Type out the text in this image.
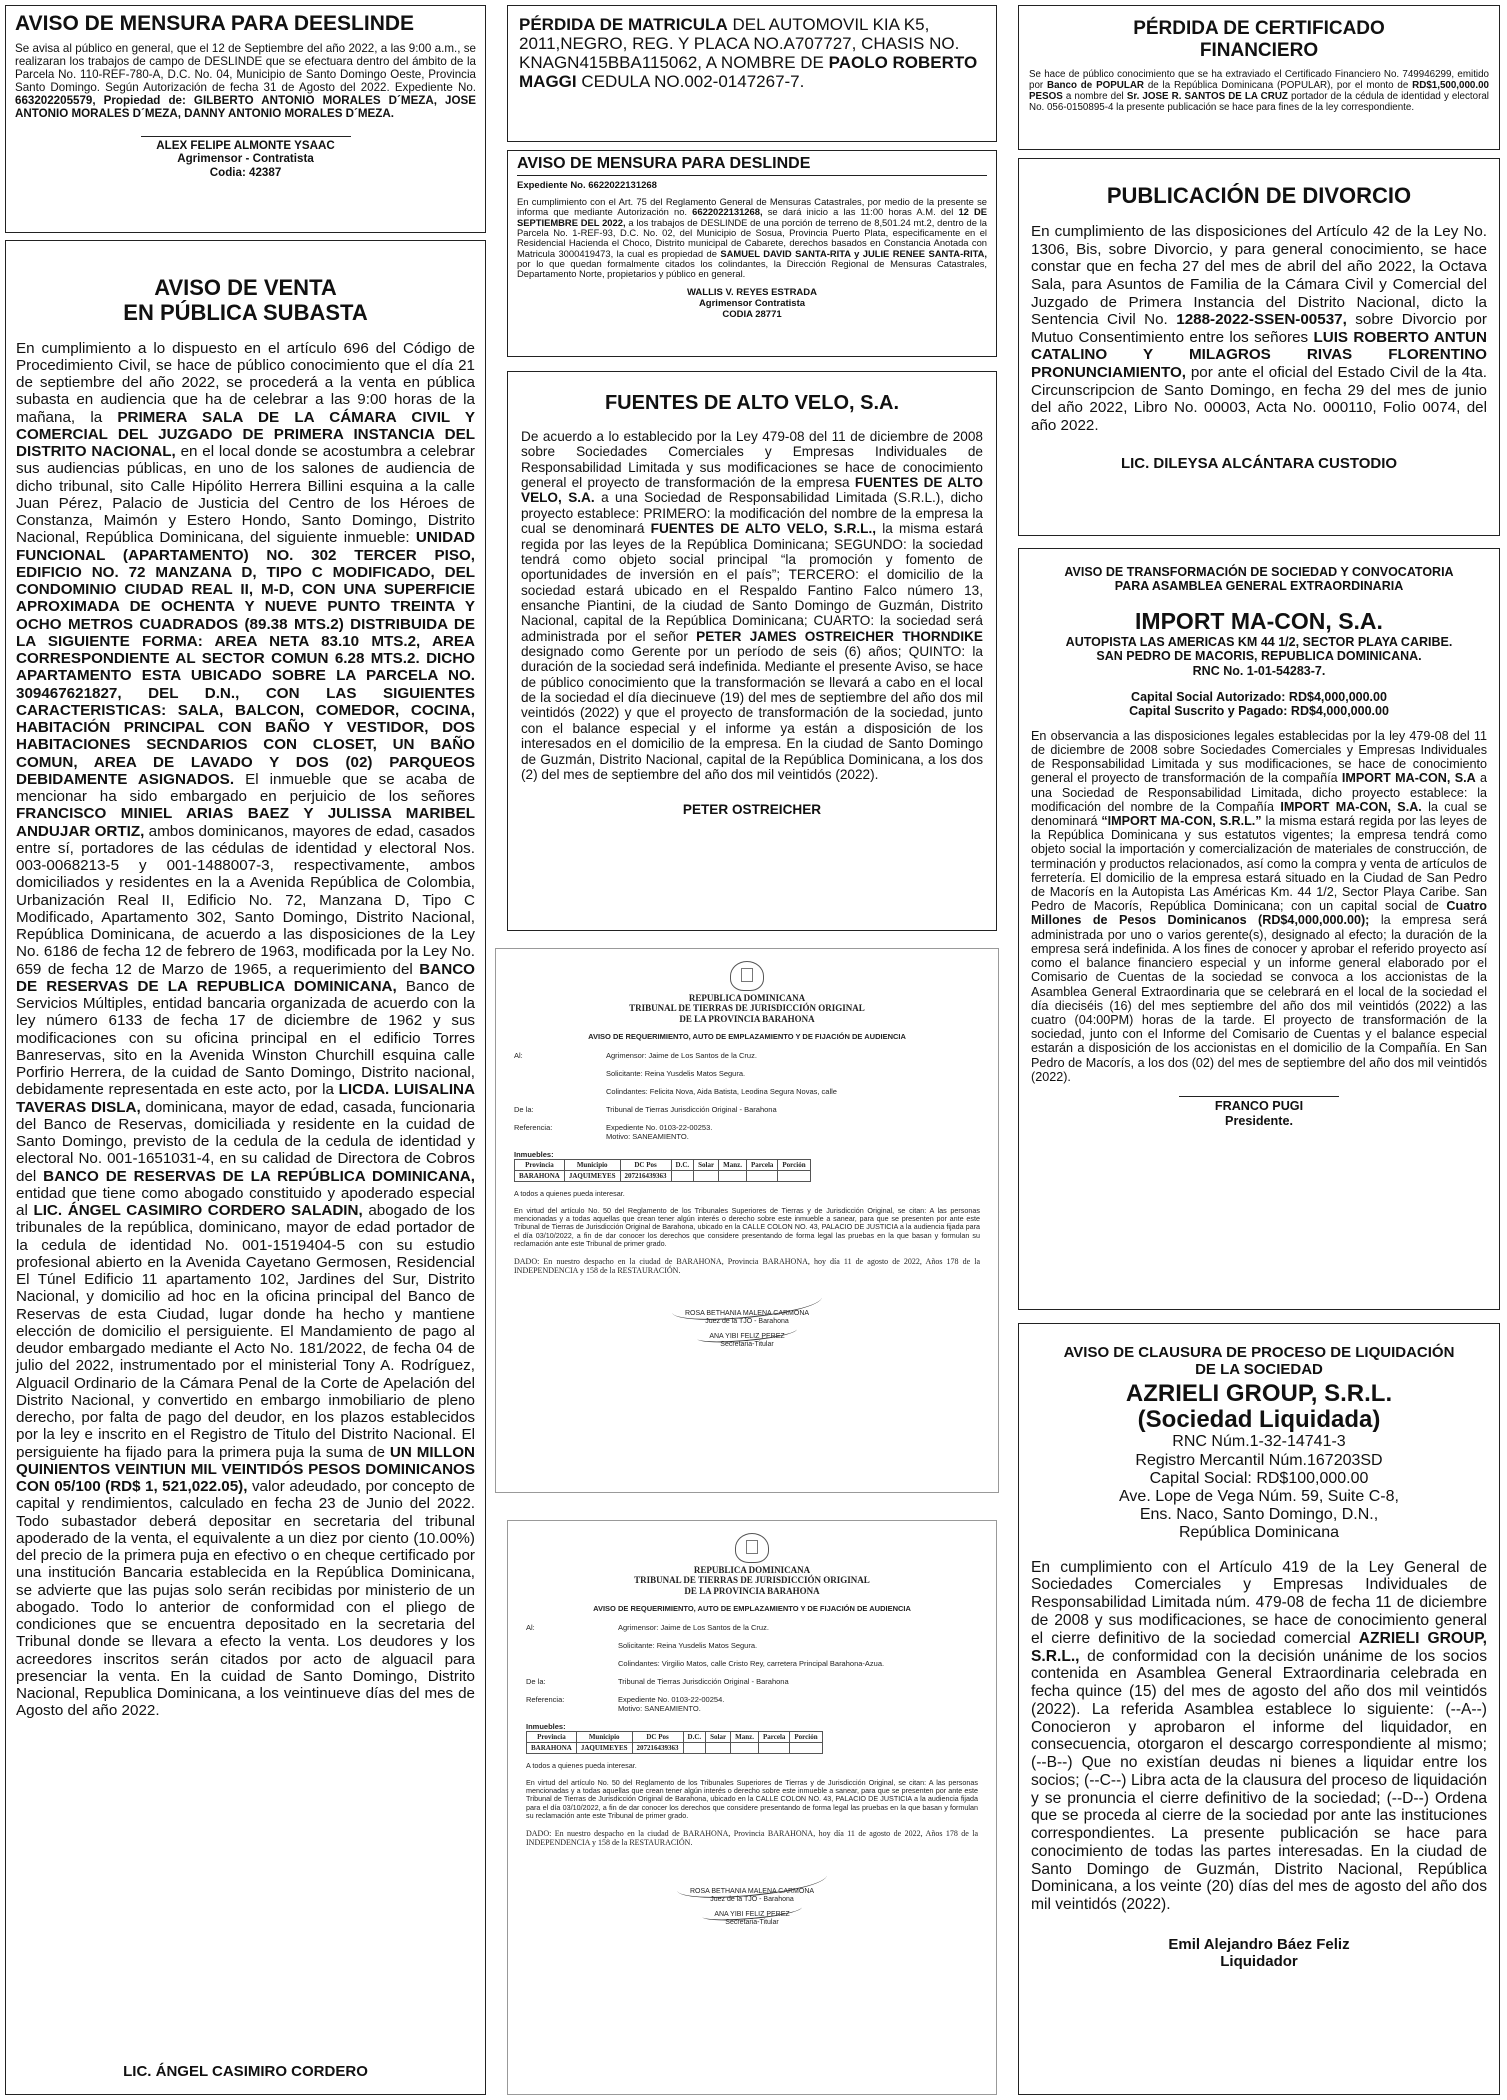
AVISO DE MENSURA PARA DEESLINDE
Se avisa al público en general, que el 12 de Septiembre del año 2022, a las 9:00 a.m., se realizaran los trabajos de campo de DESLINDE que se efectuara dentro del ámbito de la Parcela No. 110-REF-780-A, D.C. No. 04, Municipio de Santo Domingo Oeste, Provincia Santo Domingo. Según Autorización de fecha 31 de Agosto del 2022. Expediente No. 663202205579, Propiedad de: GILBERTO ANTONIO MORALES D´MEZA, JOSE ANTONIO MORALES D´MEZA, DANNY ANTONIO MORALES D´MEZA.
ALEX FELIPE ALMONTE YSAAC
Agrimensor - Contratista
Codia: 42387
AVISO DE VENTA
EN PÚBLICA SUBASTA
En cumplimiento a lo dispuesto en el artículo 696 del Código de Procedimiento Civil, se hace de público conocimiento que el día 21 de septiembre del año 2022, se procederá a la venta en pública subasta en audiencia que ha de celebrar a las 9:00 horas de la mañana, la PRIMERA SALA DE LA CÁMARA CIVIL Y COMERCIAL DEL JUZGADO DE PRIMERA INSTANCIA DEL DISTRITO NACIONAL, en el local donde se acostumbra a celebrar sus audiencias públicas, en uno de los salones de audiencia de dicho tribunal, sito Calle Hipólito Herrera Billini esquina a la calle Juan Pérez, Palacio de Justicia del Centro de los Héroes de Constanza, Maimón y Estero Hondo, Santo Domingo, Distrito Nacional, República Dominicana, del siguiente inmueble: UNIDAD FUNCIONAL (APARTAMENTO) NO. 302 TERCER PISO, EDIFICIO NO. 72 MANZANA D, TIPO C MODIFICADO, DEL CONDOMINIO CIUDAD REAL II, M-D, CON UNA SUPERFICIE APROXIMADA DE OCHENTA Y NUEVE PUNTO TREINTA Y OCHO METROS CUADRADOS (89.38 MTS.2) DISTRIBUIDA DE LA SIGUIENTE FORMA: AREA NETA 83.10 MTS.2, AREA CORRESPONDIENTE AL SECTOR COMUN 6.28 MTS.2. DICHO APARTAMENTO ESTA UBICADO SOBRE LA PARCELA NO. 309467621827, DEL D.N., CON LAS SIGUIENTES CARACTERISTICAS: SALA, BALCON, COMEDOR, COCINA, HABITACIÓN PRINCIPAL CON BAÑO Y VESTIDOR, DOS HABITACIONES SECNDARIOS CON CLOSET, UN BAÑO COMUN, AREA DE LAVADO Y DOS (02) PARQUEOS DEBIDAMENTE ASIGNADOS. El inmueble que se acaba de mencionar ha sido embargado en perjuicio de los señores FRANCISCO MINIEL ARIAS BAEZ Y JULISSA MARIBEL ANDUJAR ORTIZ, ambos dominicanos, mayores de edad, casados entre sí, portadores de las cédulas de identidad y electoral Nos. 003-0068213-5 y 001-1488007-3, respectivamente, ambos domiciliados y residentes en la a Avenida República de Colombia, Urbanización Real II, Edificio No. 72, Manzana D, Tipo C Modificado, Apartamento 302, Santo Domingo, Distrito Nacional, República Dominicana, de acuerdo a las disposiciones de la Ley No. 6186 de fecha 12 de febrero de 1963, modificada por la Ley No. 659 de fecha 12 de Marzo de 1965, a requerimiento del BANCO DE RESERVAS DE LA REPUBLICA DOMINICANA, Banco de Servicios Múltiples, entidad bancaria organizada de acuerdo con la ley número 6133 de fecha 17 de diciembre de 1962 y sus modificaciones con su oficina principal en el edificio Torres Banreservas, sito en la Avenida Winston Churchill esquina calle Porfirio Herrera, de la cuidad de Santo Domingo, Distrito nacional, debidamente representada en este acto, por la LICDA. LUISALINA TAVERAS DISLA, dominicana, mayor de edad, casada, funcionaria del Banco de Reservas, domiciliada y residente en la cuidad de Santo Domingo, previsto de la cedula de la cedula de identidad y electoral No. 001-1651031-4, en su calidad de Directora de Cobros del BANCO DE RESERVAS DE LA REPÚBLICA DOMINICANA, entidad que tiene como abogado constituido y apoderado especial al LIC. ÁNGEL CASIMIRO CORDERO SALADIN, abogado de los tribunales de la república, dominicano, mayor de edad portador de la cedula de identidad No. 001-1519404-5 con su estudio profesional abierto en la Avenida Cayetano Germosen, Residencial El Túnel Edificio 11 apartamento 102, Jardines del Sur, Distrito Nacional, y domicilio ad hoc en la oficina principal del Banco de Reservas de esta Ciudad, lugar donde ha hecho y mantiene elección de domicilio el persiguiente. El Mandamiento de pago al deudor embargado mediante el Acto No. 181/2022, de fecha 04 de julio del 2022, instrumentado por el ministerial Tony A. Rodríguez, Alguacil Ordinario de la Cámara Penal de la Corte de Apelación del Distrito Nacional, y convertido en embargo inmobiliario de pleno derecho, por falta de pago del deudor, en los plazos establecidos por la ley e inscrito en el Registro de Titulo del Distrito Nacional. El persiguiente ha fijado para la primera puja la suma de UN MILLON QUINIENTOS VEINTIUN MIL VEINTIDÓS PESOS DOMINICANOS CON 05/100 (RD$ 1, 521,022.05), valor adeudado, por concepto de capital y rendimientos, calculado en fecha 23 de Junio del 2022. Todo subastador deberá depositar en secretaria del tribunal apoderado de la venta, el equivalente a un diez por ciento (10.00%) del precio de la primera puja en efectivo o en cheque certificado por una institución Bancaria establecida en la República Dominicana, se advierte que las pujas solo serán recibidas por ministerio de un abogado. Todo lo anterior de conformidad con el pliego de condiciones que se encuentra depositado en la secretaria del Tribunal donde se llevara a efecto la venta. Los deudores y los acreedores inscritos serán citados por acto de alguacil para presenciar la venta. En la cuidad de Santo Domingo, Distrito Nacional, Republica Dominicana, a los veintinueve días del mes de Agosto del año 2022.
LIC. ÁNGEL CASIMIRO CORDERO
PÉRDIDA DE MATRICULA DEL AUTOMOVIL KIA K5, 2011,NEGRO, REG. Y PLACA NO.A707727, CHASIS NO. KNAGN415BBA115062, A NOMBRE DE PAOLO ROBERTO MAGGI CEDULA NO.002-0147267-7.
AVISO DE MENSURA PARA DESLINDE
Expediente No. 6622022131268
En cumplimiento con el Art. 75 del Reglamento General de Mensuras Catastrales, por medio de la presente se informa que mediante Autorización no. 6622022131268, se dará inicio a las 11:00 horas A.M. del 12 DE SEPTIEMBRE DEL 2022, a los trabajos de DESLINDE de una porción de terreno de 8,501.24 mt.2, dentro de la Parcela No. 1-REF-93, D.C. No. 02, del Municipio de Sosua, Provincia Puerto Plata, especificamente en el Residencial Hacienda el Choco, Distrito municipal de Cabarete, derechos basados en Constancia Anotada con Matricula 3000419473, la cual es propiedad de SAMUEL DAVID SANTA-RITA y JULIE RENEE SANTA-RITA, por lo que quedan formalmente citados los colindantes, la Dirección Regional de Mensuras Catastrales, Departamento Norte, propietarios y público en general.
WALLIS V. REYES ESTRADA
Agrimensor Contratista
CODIA 28771
FUENTES DE ALTO VELO, S.A.
De acuerdo a lo establecido por la Ley 479-08 del 11 de diciembre de 2008 sobre Sociedades Comerciales y Empresas Individuales de Responsabilidad Limitada y sus modificaciones se hace de conocimiento general el proyecto de transformación de la empresa FUENTES DE ALTO VELO, S.A. a una Sociedad de Responsabilidad Limitada (S.R.L.), dicho proyecto establece: PRIMERO: la modificación del nombre de la empresa la cual se denominará FUENTES DE ALTO VELO, S.R.L., la misma estará regida por las leyes de la República Dominicana; SEGUNDO: la sociedad tendrá como objeto social principal “la promoción y fomento de oportunidades de inversión en el país”; TERCERO: el domicilio de la sociedad estará ubicado en el Respaldo Fantino Falco número 13, ensanche Piantini, de la ciudad de Santo Domingo de Guzmán, Distrito Nacional, capital de la República Dominicana; CUARTO: la sociedad será administrada por el señor PETER JAMES OSTREICHER THORNDIKE designado como Gerente por un período de seis (6) años; QUINTO: la duración de la sociedad será indefinida. Mediante el presente Aviso, se hace de público conocimiento que la transformación se llevará a cabo en el local de la sociedad el día diecinueve (19) del mes de septiembre del año dos mil veintidós (2022) y que el proyecto de transformación de la sociedad, junto con el balance especial y el informe ya están a disposición de los interesados en el domicilio de la empresa. En la ciudad de Santo Domingo de Guzmán, Distrito Nacional, capital de la República Dominicana, a los dos (2) del mes de septiembre del año dos mil veintidós (2022).
PETER OSTREICHER
REPUBLICA DOMINICANA
TRIBUNAL DE TIERRAS DE JURISDICCIÓN ORIGINAL
DE LA PROVINCIA BARAHONA
AVISO DE REQUERIMIENTO, AUTO DE EMPLAZAMIENTO Y DE FIJACIÓN DE AUDIENCIA
Al:	Agrimensor: Jaime de Los Santos de la Cruz.
Solicitante: Reina Yusdelis Matos Segura.
Colindantes: Felicita Nova, Aida Batista, Leodina Segura Novas, calle
De la:	Tribunal de Tierras Jurisdicción Original - Barahona
Referencia:	Expediente No. 0103-22-00253.
Motivo: SANEAMIENTO.
Inmuebles:
Provincia	Municipio	DC Pos	D.C.	Solar	Manz.	Parcela	Porción
BARAHONA	JAQUIMEYES	207216439363					
A todos a quienes pueda interesar.
En virtud del artículo No. 50 del Reglamento de los Tribunales Superiores de Tierras y de Jurisdicción Original, se citan: A las personas mencionadas y a todas aquellas que crean tener algún interés o derecho sobre este inmueble a sanear, para que se presenten por ante este Tribunal de Tierras de Jurisdicción Original de Barahona, ubicado en la CALLE COLON NO. 43, PALACIO DE JUSTICIA a la audiencia fijada para el día 03/10/2022, a fin de dar conocer los derechos que considere presentando de forma legal las pruebas en la que basan y formulan su reclamación ante este Tribunal de primer grado.
DADO: En nuestro despacho en la ciudad de BARAHONA, Provincia BARAHONA, hoy día 11 de agosto de 2022, Años 178 de la INDEPENDENCIA y 158 de la RESTAURACIÓN.
ROSA BETHANIA MALENA CARMONA
Juez de la TJO - Barahona
ANA YIBI FELIZ PEREZ
Secretaria-Titular
REPUBLICA DOMINICANA
TRIBUNAL DE TIERRAS DE JURISDICCIÓN ORIGINAL
DE LA PROVINCIA BARAHONA
AVISO DE REQUERIMIENTO, AUTO DE EMPLAZAMIENTO Y DE FIJACIÓN DE AUDIENCIA
Al:	Agrimensor: Jaime de Los Santos de la Cruz.
Solicitante: Reina Yusdelis Matos Segura.
Colindantes: Virgilio Matos, calle Cristo Rey, carretera Principal Barahona-Azua.
De la:	Tribunal de Tierras Jurisdicción Original - Barahona
Referencia:	Expediente No. 0103-22-00254.
Motivo: SANEAMIENTO.
Inmuebles:
Provincia	Municipio	DC Pos	D.C.	Solar	Manz.	Parcela	Porción
BARAHONA	JAQUIMEYES	207216439363					
A todos a quienes pueda interesar.
En virtud del artículo No. 50 del Reglamento de los Tribunales Superiores de Tierras y de Jurisdicción Original, se citan: A las personas mencionadas y a todas aquellas que crean tener algún interés o derecho sobre este inmueble a sanear, para que se presenten por ante este Tribunal de Tierras de Jurisdicción Original de Barahona, ubicado en la CALLE COLON NO. 43, PALACIO DE JUSTICIA a la audiencia fijada para el día 03/10/2022, a fin de dar conocer los derechos que considere presentando de forma legal las pruebas en la que basan y formulan su reclamación ante este Tribunal de primer grado.
DADO: En nuestro despacho en la ciudad de BARAHONA, Provincia BARAHONA, hoy día 11 de agosto de 2022, Años 178 de la INDEPENDENCIA y 158 de la RESTAURACIÓN.
ROSA BETHANIA MALENA CARMONA
Juez de la TJO - Barahona
ANA YIBI FELIZ PEREZ
Secretaria-Titular
PÉRDIDA DE CERTIFICADO
FINANCIERO
Se hace de público conocimiento que se ha extraviado el Certificado Financiero No. 749946299, emitido por Banco de POPULAR de la República Dominicana (POPULAR), por el monto de RD$1,500,000.00 PESOS a nombre del Sr. JOSE R. SANTOS DE LA CRUZ portador de la cédula de identidad y electoral No. 056-0150895-4 la presente publicación se hace para fines de la ley correspondiente.
PUBLICACIÓN DE DIVORCIO
En cumplimiento de las disposiciones del Artículo 42 de la Ley No. 1306, Bis, sobre Divorcio, y para general conocimiento, se hace constar que en fecha 27 del mes de abril del año 2022, la Octava Sala, para Asuntos de Familia de la Cámara Civil y Comercial del Juzgado de Primera Instancia del Distrito Nacional, dicto la Sentencia Civil No. 1288-2022-SSEN-00537, sobre Divorcio por Mutuo Consentimiento entre los señores LUIS ROBERTO ANTUN CATALINO Y MILAGROS RIVAS FLORENTINO PRONUNCIAMIENTO, por ante el oficial del Estado Civil de la 4ta. Circunscripcion de Santo Domingo, en fecha 29 del mes de junio del año 2022, Libro No. 00003, Acta No. 000110, Folio 0074, del año 2022.
LIC. DILEYSA ALCÁNTARA CUSTODIO
AVISO DE TRANSFORMACIÓN DE SOCIEDAD Y CONVOCATORIA PARA ASAMBLEA GENERAL EXTRAORDINARIA
IMPORT MA-CON, S.A.
AUTOPISTA LAS AMERICAS KM 44 1/2, SECTOR PLAYA CARIBE.
SAN PEDRO DE MACORIS, REPUBLICA DOMINICANA.
RNC No. 1-01-54283-7.
Capital Social Autorizado: RD$4,000,000.00
Capital Suscrito y Pagado: RD$4,000,000.00
En observancia a las disposiciones legales establecidas por la ley 479-08 del 11 de diciembre de 2008 sobre Sociedades Comerciales y Empresas Individuales de Responsabilidad Limitada y sus modificaciones, se hace de conocimiento general el proyecto de transformación de la compañía IMPORT MA-CON, S.A a una Sociedad de Responsabilidad Limitada, dicho proyecto establece: la modificación del nombre de la Compañía IMPORT MA-CON, S.A. la cual se denominará “IMPORT MA-CON, S.R.L.” la misma estará regida por las leyes de la República Dominicana y sus estatutos vigentes; la empresa tendrá como objeto social la importación y comercialización de materiales de construcción, de terminación y productos relacionados, así como la compra y venta de artículos de ferretería. El domicilio de la empresa estará situado en la Ciudad de San Pedro de Macorís en la Autopista Las Américas Km. 44 1/2, Sector Playa Caribe. San Pedro de Macorís, República Dominicana; con un capital social de Cuatro Millones de Pesos Dominicanos (RD$4,000,000.00); la empresa será administrada por uno o varios gerente(s), designado al efecto; la duración de la empresa será indefinida. A los fines de conocer y aprobar el referido proyecto así como el balance financiero especial y un informe general elaborado por el Comisario de Cuentas de la sociedad se convoca a los accionistas de la Asamblea General Extraordinaria que se celebrará en el local de la sociedad el día dieciséis (16) del mes septiembre del año dos mil veintidós (2022) a las cuatro (04:00PM) horas de la tarde. El proyecto de transformación de la sociedad, junto con el Informe del Comisario de Cuentas y el balance especial estarán a disposición de los accionistas en el domicilio de la Compañía. En San Pedro de Macorís, a los dos (02) del mes de septiembre del año dos mil veintidós (2022).
FRANCO PUGI
Presidente.
AVISO DE CLAUSURA DE PROCESO DE LIQUIDACIÓN DE LA SOCIEDAD
AZRIELI GROUP, S.R.L.
(Sociedad Liquidada)
RNC Núm.1-32-14741-3
Registro Mercantil Núm.167203SD
Capital Social: RD$100,000.00
Ave. Lope de Vega Núm. 59, Suite C-8,
Ens. Naco, Santo Domingo, D.N.,
República Dominicana
En cumplimiento con el Artículo 419 de la Ley General de Sociedades Comerciales y Empresas Individuales de Responsabilidad Limitada núm. 479-08 de fecha 11 de diciembre de 2008 y sus modificaciones, se hace de conocimiento general el cierre definitivo de la sociedad comercial AZRIELI GROUP, S.R.L., de conformidad con la decisión unánime de los socios contenida en Asamblea General Extraordinaria celebrada en fecha quince (15) del mes de agosto del año dos mil veintidós (2022). La referida Asamblea establece lo siguiente: (--A--) Conocieron y aprobaron el informe del liquidador, en consecuencia, otorgaron el descargo correspondiente al mismo; (--B--) Que no existían deudas ni bienes a liquidar entre los socios; (--C--) Libra acta de la clausura del proceso de liquidación y se pronuncia el cierre definitivo de la sociedad; (--D--) Ordena que se proceda al cierre de la sociedad por ante las instituciones correspondientes. La presente publicación se hace para conocimiento de todas las partes interesadas. En la ciudad de Santo Domingo de Guzmán, Distrito Nacional, República Dominicana, a los veinte (20) días del mes de agosto del año dos mil veintidós (2022).
Emil Alejandro Báez Feliz
Liquidador
